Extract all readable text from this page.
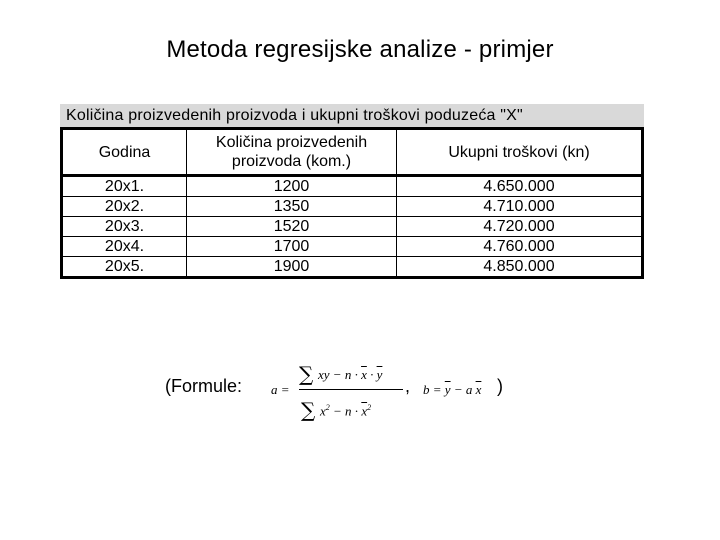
Metoda regresijske analize - primjer
Količina proizvedenih proizvoda i ukupni troškovi poduzeća "X"
Godina	Količina proizvedenih proizvoda (kom.)	Ukupni troškovi (kn)
20x1.	1200	4.650.000
20x2.	1350	4.710.000
20x3.	1520	4.720.000
20x4.	1700	4.760.000
20x5.	1900	4.850.000
(Formule: a =
∑ xy − $n \cdot \overline{x} \cdot \overline{y}$
∑ $x^2 - n \cdot \overline{x}^2$
, $b = \overline{y} - a$ $\overline{x}$ )
